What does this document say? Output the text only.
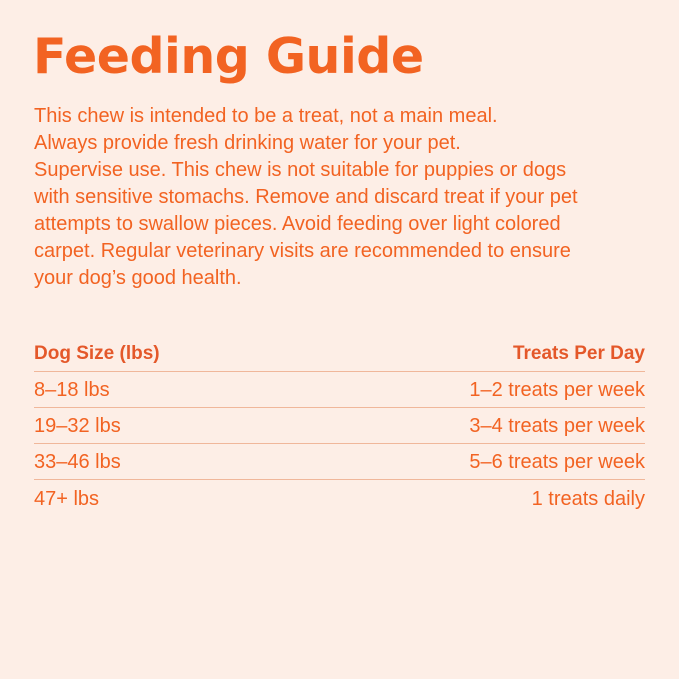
Feeding Guide

This chew is intended to be a treat, not a main meal.
Always provide fresh drinking water for your pet.
Supervise use. This chew is not suitable for puppies or dogs
with sensitive stomachs. Remove and discard treat if your pet
attempts to swallow pieces. Avoid feeding over light colored
carpet. Regular veterinary visits are recommended to ensure
your dog’s good health.

Dog Size (lbs)	Treats Per Day
8–18 lbs	1–2 treats per week
19–32 lbs	3–4 treats per week
33–46 lbs	5–6 treats per week
47+ lbs	1 treats daily
